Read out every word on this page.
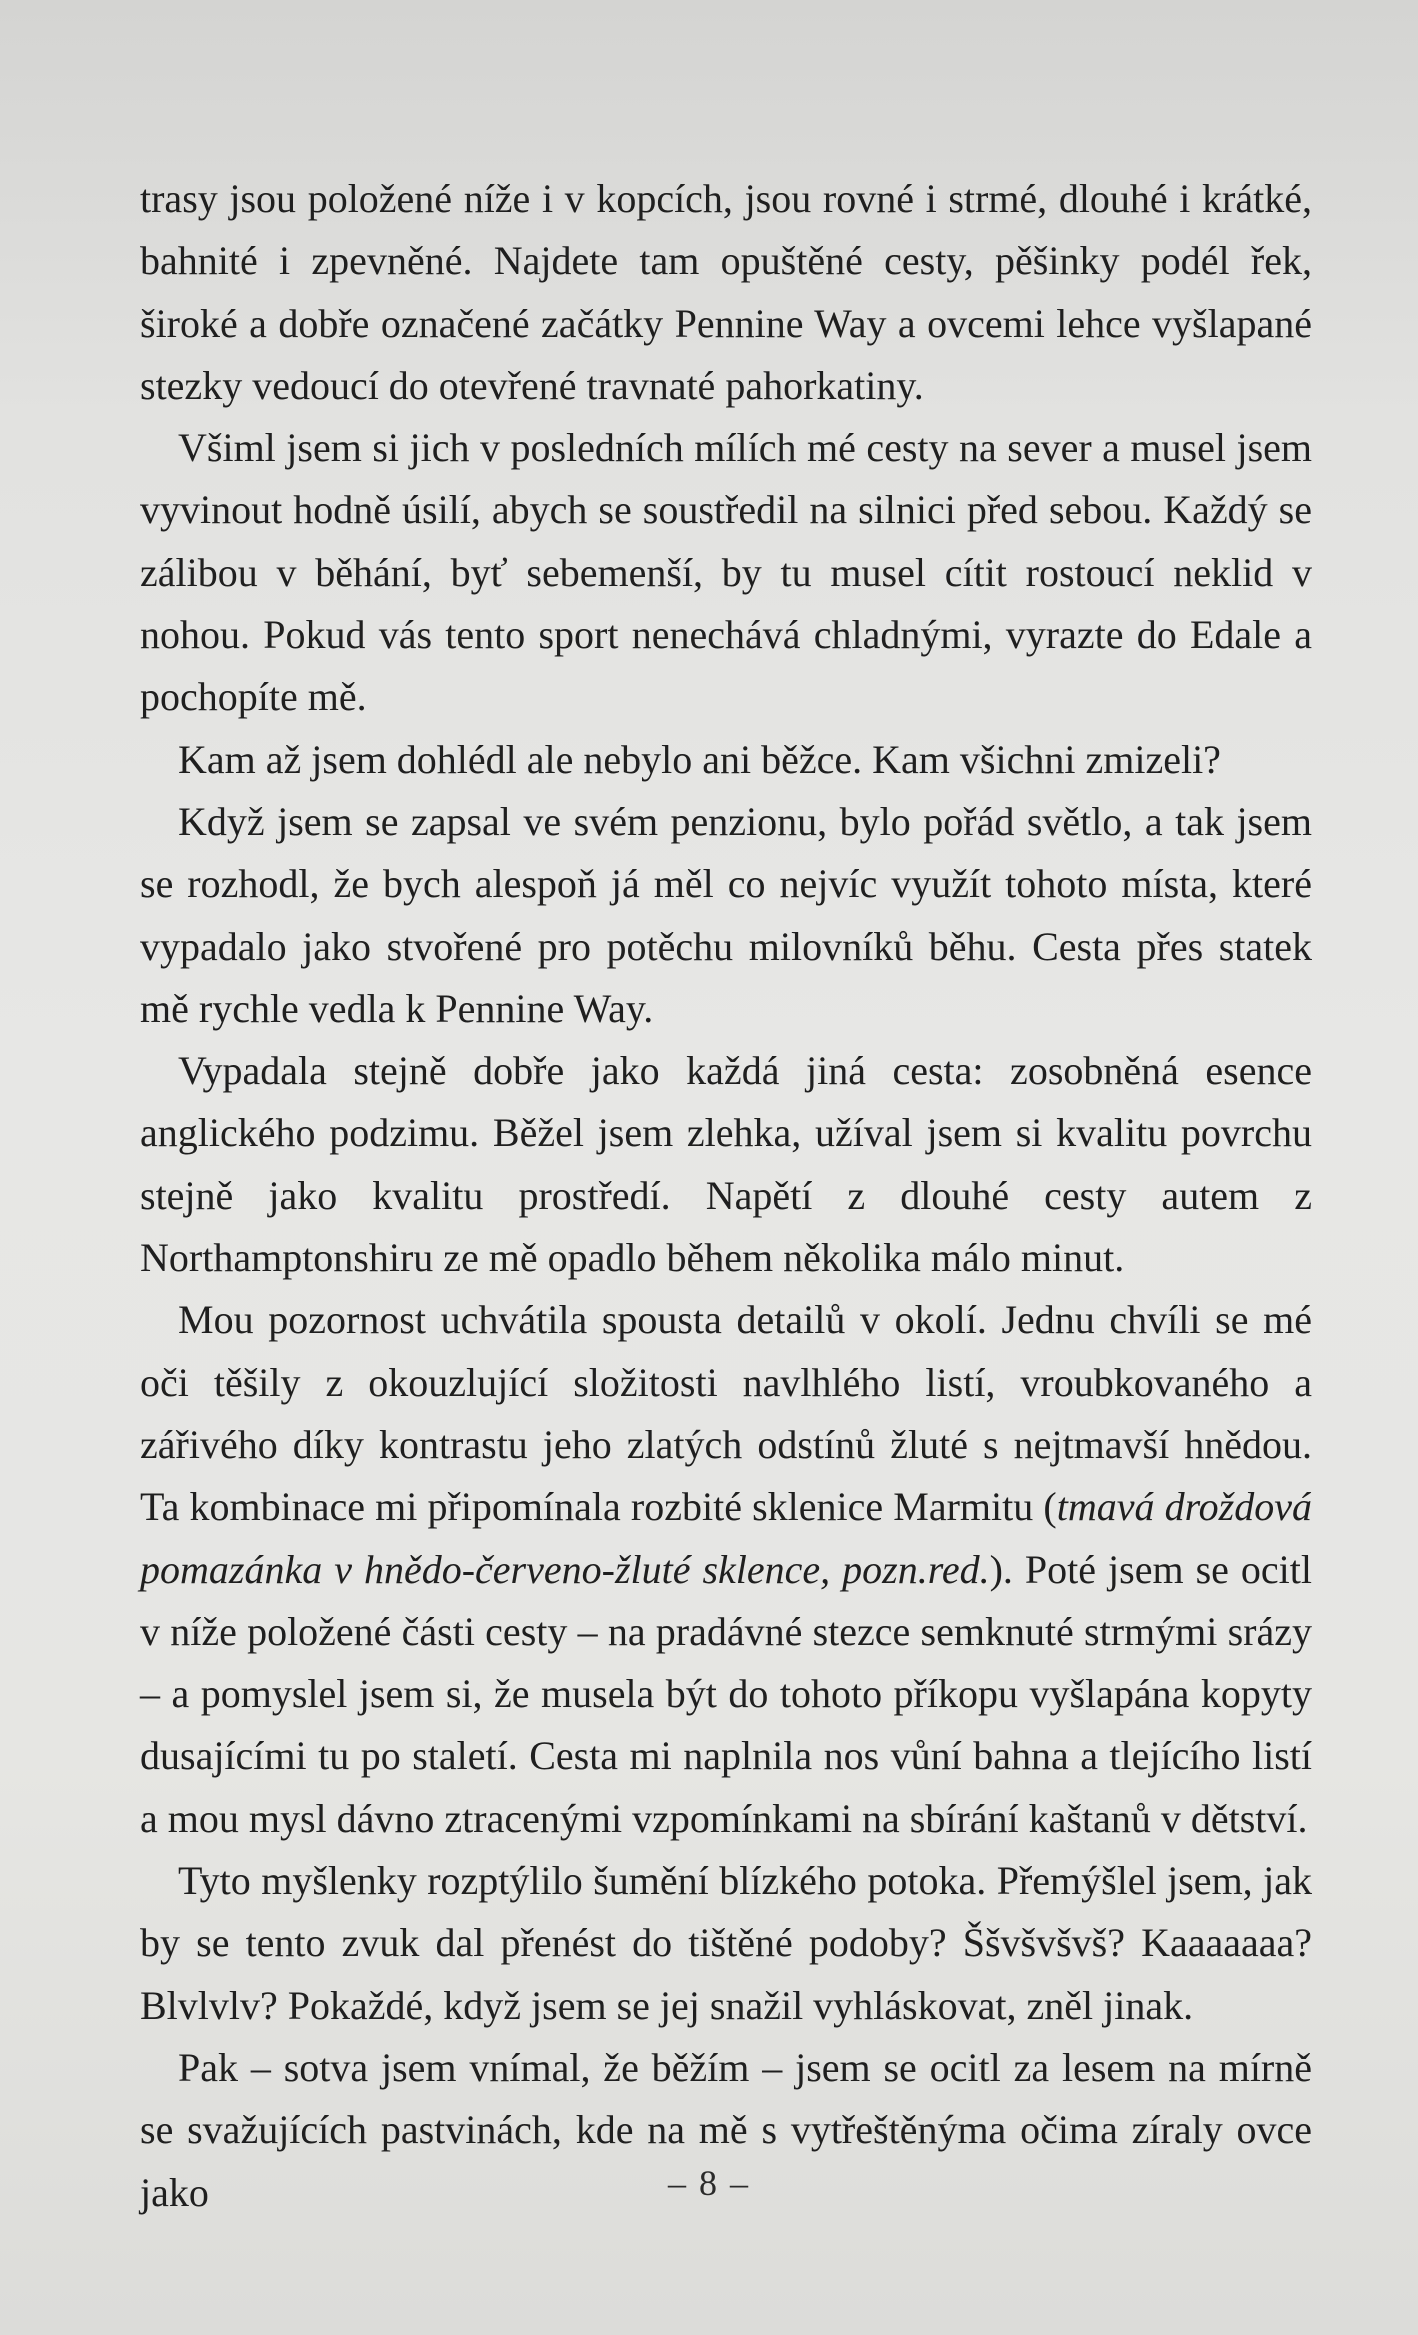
trasy jsou položené níže i v kopcích, jsou rovné i strmé, dlouhé i krátké, bahnité i zpevněné. Najdete tam opuštěné cesty, pěšinky podél řek, široké a dobře označené začátky Pennine Way a ovcemi lehce vyšlapané stezky vedoucí do otevřené travnaté pahorkatiny.

Všiml jsem si jich v posledních mílích mé cesty na sever a musel jsem vyvinout hodně úsilí, abych se soustředil na silnici před sebou. Každý se zálibou v běhání, byť sebemenší, by tu musel cítit rostoucí neklid v nohou. Pokud vás tento sport nenechává chladnými, vyrazte do Edale a pochopíte mě.

Kam až jsem dohlédl ale nebylo ani běžce. Kam všichni zmizeli?

Když jsem se zapsal ve svém penzionu, bylo pořád světlo, a tak jsem se rozhodl, že bych alespoň já měl co nejvíc využít tohoto místa, které vypadalo jako stvořené pro potěchu milovníků běhu. Cesta přes statek mě rychle vedla k Pennine Way.

Vypadala stejně dobře jako každá jiná cesta: zosobněná esence anglického podzimu. Běžel jsem zlehka, užíval jsem si kvalitu povrchu stejně jako kvalitu prostředí. Napětí z dlouhé cesty autem z Northamptonshiru ze mě opadlo během několika málo minut.

Mou pozornost uchvátila spousta detailů v okolí. Jednu chvíli se mé oči těšily z okouzlující složitosti navlhlého listí, vroubkovaného a zářivého díky kontrastu jeho zlatých odstínů žluté s nejtmavší hnědou. Ta kombinace mi připomínala rozbité sklenice Marmitu (tmavá droždová pomazánka v hnědo-červeno-žluté sklence, pozn.red.). Poté jsem se ocitl v níže položené části cesty – na pradávné stezce semknuté strmými srázy – a pomyslel jsem si, že musela být do tohoto příkopu vyšlapána kopyty dusajícími tu po staletí. Cesta mi naplnila nos vůní bahna a tlejícího listí a mou mysl dávno ztracenými vzpomínkami na sbírání kaštanů v dětství.

Tyto myšlenky rozptýlilo šumění blízkého potoka. Přemýšlel jsem, jak by se tento zvuk dal přenést do tištěné podoby? Ššvšvšvš? Kaaaaaaa? Blvlvlv? Pokaždé, když jsem se jej snažil vyhláskovat, zněl jinak.

Pak – sotva jsem vnímal, že běžím – jsem se ocitl za lesem na mírně se svažujících pastvinách, kde na mě s vytřeštěnýma očima zíraly ovce jako	– 8 –
